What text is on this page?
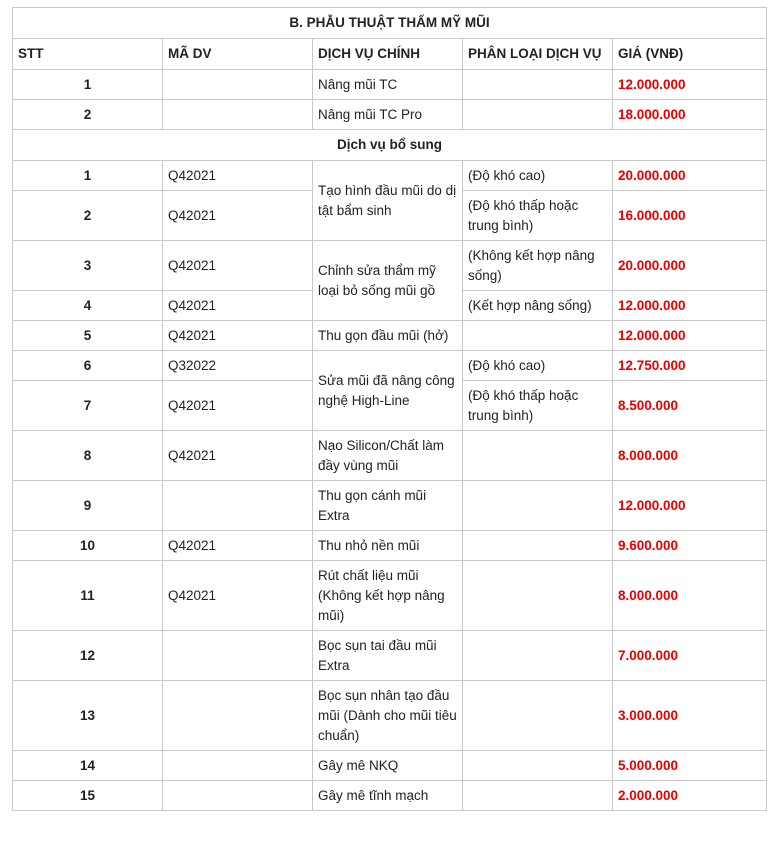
B. PHẪU THUẬT THẨM MỸ MŨI				
STT	MÃ DV	DỊCH VỤ CHÍNH	PHÂN LOẠI DỊCH VỤ	GIÁ (VNĐ)
1		Nâng mũi TC		12.000.000
2		Nâng mũi TC Pro		18.000.000
Dịch vụ bổ sung				
1	Q42021	Tạo hình đầu mũi do dị tật bẩm sinh	(Độ khó cao)	20.000.000
2	Q42021		(Độ khó thấp hoặc trung bình)	16.000.000
3	Q42021	Chỉnh sửa thẩm mỹ loại bỏ sống mũi gồ	(Không kết hợp nâng sống)	20.000.000
4	Q42021		(Kết hợp nâng sống)	12.000.000
5	Q42021	Thu gọn đầu mũi (hở)		12.000.000
6	Q32022	Sửa mũi đã nâng công nghệ High-Line	(Độ khó cao)	12.750.000
7	Q42021		(Độ khó thấp hoặc trung bình)	8.500.000
8	Q42021	Nạo Silicon/Chất làm đầy vùng mũi		8.000.000
9		Thu gọn cánh mũi Extra		12.000.000
10	Q42021	Thu nhỏ nền mũi		9.600.000
11	Q42021	Rút chất liệu mũi (Không kết hợp nâng mũi)		8.000.000
12		Bọc sụn tai đầu mũi Extra		7.000.000
13		Bọc sụn nhân tạo đầu mũi (Dành cho mũi tiêu chuẩn)		3.000.000
14		Gây mê NKQ		5.000.000
15		Gây mê tĩnh mạch		2.000.000
